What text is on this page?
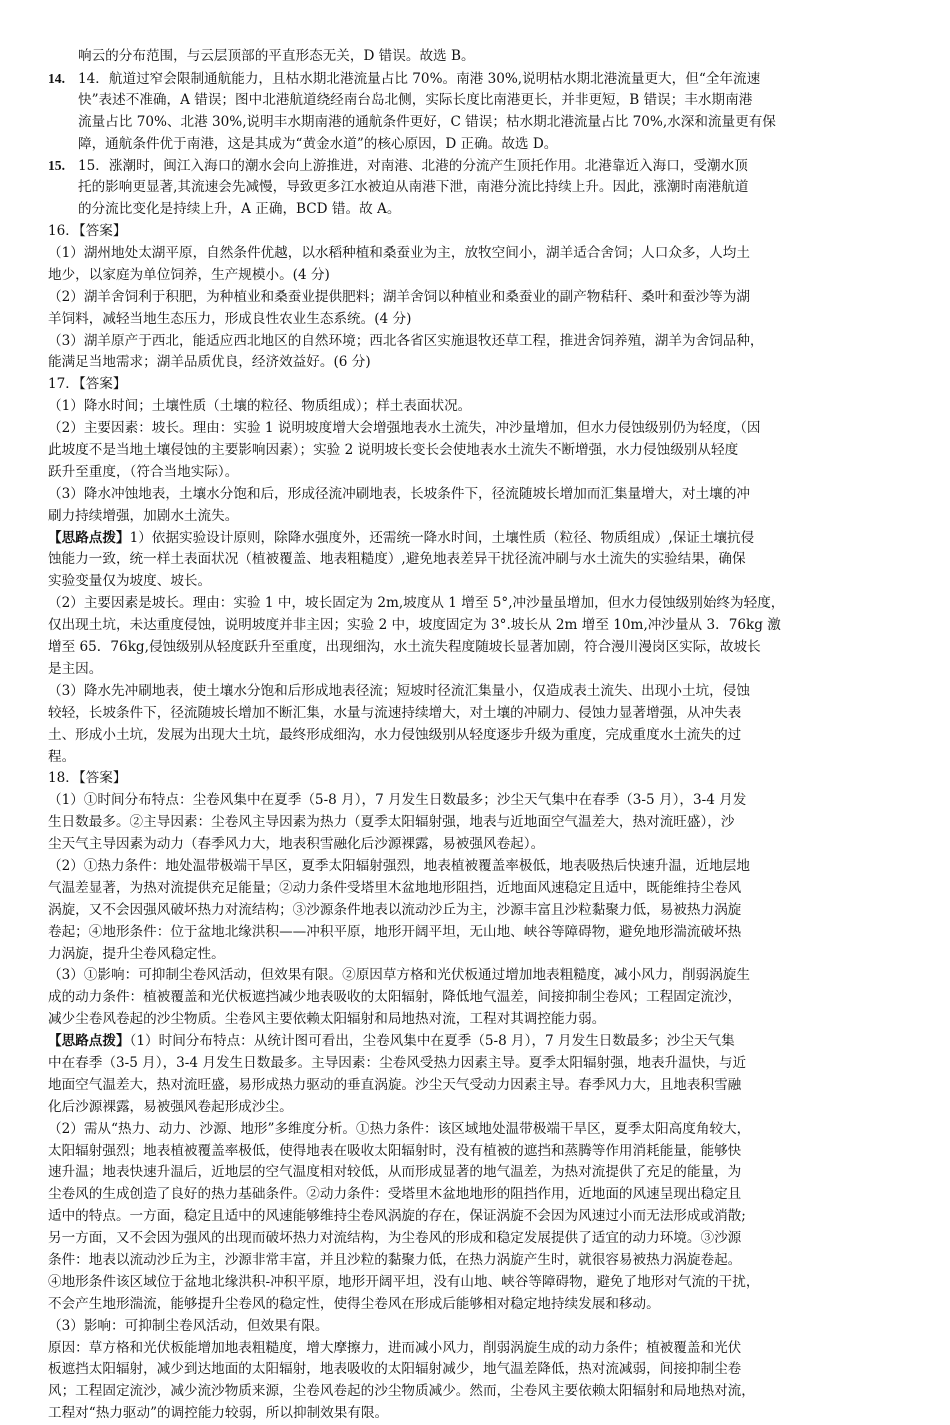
响云的分布范围，与云层顶部的平直形态无关，D 错误。故选 B。
14. 14．航道过窄会限制通航能力，且枯水期北港流量占比 70%。南港 30%,说明枯水期北港流量更大，但“全年流速
快”表述不准确，A 错误；图中北港航道绕经南台岛北侧，实际长度比南港更长，并非更短，B 错误；丰水期南港
流量占比 70%、北港 30%,说明丰水期南港的通航条件更好，C 错误；枯水期北港流量占比 70%,水深和流量更有保
障，通航条件优于南港，这是其成为“黄金水道”的核心原因，D 正确。故选 D。
15. 15．涨潮时，闽江入海口的潮水会向上游推进，对南港、北港的分流产生顶托作用。北港靠近入海口，受潮水顶
托的影响更显著,其流速会先减慢，导致更多江水被迫从南港下泄，南港分流比持续上升。因此，涨潮时南港航道
的分流比变化是持续上升，A 正确，BCD 错。故 A。
16．【答案】
（1）湖州地处太湖平原，自然条件优越，以水稻种植和桑蚕业为主，放牧空间小，湖羊适合舍饲；人口众多，人均土
地少，以家庭为单位饲养，生产规模小。(4 分)
（2）湖羊舍饲利于积肥，为种植业和桑蚕业提供肥料；湖羊舍饲以种植业和桑蚕业的副产物秸秆、桑叶和蚕沙等为湖
羊饲料，减轻当地生态压力，形成良性农业生态系统。(4 分)
（3）湖羊原产于西北，能适应西北地区的自然环境；西北各省区实施退牧还草工程，推进舍饲养殖，湖羊为舍饲品种，
能满足当地需求；湖羊品质优良，经济效益好。(6 分)
17．【答案】
（1）降水时间；土壤性质（土壤的粒径、物质组成）；样土表面状况。
（2）主要因素：坡长。理由：实验 1 说明坡度增大会增强地表水土流失，冲沙量增加，但水力侵蚀级别仍为轻度，（因
此坡度不是当地土壤侵蚀的主要影响因素）；实验 2 说明坡长变长会使地表水土流失不断增强，水力侵蚀级别从轻度
跃升至重度，（符合当地实际）。
（3）降水冲蚀地表，土壤水分饱和后，形成径流冲刷地表，长坡条件下，径流随坡长增加而汇集量增大，对土壤的冲
刷力持续增强，加剧水土流失。
【思路点拨】1）依据实验设计原则，除降水强度外，还需统一降水时间，土壤性质（粒径、物质组成）,保证土壤抗侵
蚀能力一致，统一样土表面状况（植被覆盖、地表粗糙度）,避免地表差异干扰径流冲刷与水土流失的实验结果，确保
实验变量仅为坡度、坡长。
（2）主要因素是坡长。理由：实验 1 中，坡长固定为 2m,坡度从 1 增至 5°,冲沙量虽增加，但水力侵蚀级别始终为轻度，
仅出现土坑，未达重度侵蚀，说明坡度并非主因；实验 2 中，坡度固定为 3°.坡长从 2m 增至 10m,冲沙量从 3．76kg 激
增至 65．76kg,侵蚀级别从轻度跃升至重度，出现细沟，水土流失程度随坡长显著加剧，符合漫川漫岗区实际，故坡长
是主因。
（3）降水先冲刷地表，使土壤水分饱和后形成地表径流；短坡时径流汇集量小，仅造成表土流失、出现小土坑，侵蚀
较轻，长坡条件下，径流随坡长增加不断汇集，水量与流速持续增大，对土壤的冲刷力、侵蚀力显著增强，从冲失表
土、形成小土坑，发展为出现大土坑，最终形成细沟，水力侵蚀级别从轻度逐步升级为重度，完成重度水土流失的过
程。
18．【答案】
（1）①时间分布特点：尘卷风集中在夏季（5-8 月），7 月发生日数最多；沙尘天气集中在春季（3-5 月），3-4 月发
生日数最多。②主导因素：尘卷风主导因素为热力（夏季太阳辐射强，地表与近地面空气温差大，热对流旺盛），沙
尘天气主导因素为动力（春季风力大，地表积雪融化后沙源裸露，易被强风卷起）。
（2）①热力条件：地处温带极端干旱区，夏季太阳辐射强烈，地表植被覆盖率极低，地表吸热后快速升温，近地层地
气温差显著，为热对流提供充足能量；②动力条件受塔里木盆地地形阻挡，近地面风速稳定且适中，既能维持尘卷风
涡旋，又不会因强风破坏热力对流结构；③沙源条件地表以流动沙丘为主，沙源丰富且沙粒黏聚力低，易被热力涡旋
卷起；④地形条件：位于盆地北缘洪积——冲积平原，地形开阔平坦，无山地、峡谷等障碍物，避免地形湍流破坏热
力涡旋，提升尘卷风稳定性。
（3）①影响：可抑制尘卷风活动，但效果有限。②原因草方格和光伏板通过增加地表粗糙度，减小风力，削弱涡旋生
成的动力条件：植被覆盖和光伏板遮挡减少地表吸收的太阳辐射，降低地气温差，间接抑制尘卷风；工程固定流沙，
减少尘卷风卷起的沙尘物质。尘卷风主要依赖太阳辐射和局地热对流，工程对其调控能力弱。
【思路点拨】（1）时间分布特点：从统计图可看出，尘卷风集中在夏季（5-8 月），7 月发生日数最多；沙尘天气集
中在春季（3-5 月），3-4 月发生日数最多。主导因素：尘卷风受热力因素主导。夏季太阳辐射强，地表升温快，与近
地面空气温差大，热对流旺盛，易形成热力驱动的垂直涡旋。沙尘天气受动力因素主导。春季风力大，且地表积雪融
化后沙源裸露，易被强风卷起形成沙尘。
（2）需从“热力、动力、沙源、地形”多维度分析。①热力条件：该区域地处温带极端干旱区，夏季太阳高度角较大，
太阳辐射强烈；地表植被覆盖率极低，使得地表在吸收太阳辐射时，没有植被的遮挡和蒸腾等作用消耗能量，能够快
速升温；地表快速升温后，近地层的空气温度相对较低，从而形成显著的地气温差，为热对流提供了充足的能量，为
尘卷风的生成创造了良好的热力基础条件。②动力条件：受塔里木盆地地形的阻挡作用，近地面的风速呈现出稳定且
适中的特点。一方面，稳定且适中的风速能够维持尘卷风涡旋的存在，保证涡旋不会因为风速过小而无法形成或消散;
另一方面，又不会因为强风的出现而破坏热力对流结构，为尘卷风的形成和稳定发展提供了适宜的动力环境。③沙源
条件：地表以流动沙丘为主，沙源非常丰富，并且沙粒的黏聚力低，在热力涡旋产生时，就很容易被热力涡旋卷起。
④地形条件该区域位于盆地北缘洪积-冲积平原，地形开阔平坦，没有山地、峡谷等障碍物，避免了地形对气流的干扰，
不会产生地形湍流，能够提升尘卷风的稳定性，使得尘卷风在形成后能够相对稳定地持续发展和移动。
（3）影响：可抑制尘卷风活动，但效果有限。
原因：草方格和光伏板能增加地表粗糙度，增大摩擦力，进而减小风力，削弱涡旋生成的动力条件；植被覆盖和光伏
板遮挡太阳辐射，减少到达地面的太阳辐射，地表吸收的太阳辐射减少，地气温差降低，热对流减弱，间接抑制尘卷
风；工程固定流沙，减少流沙物质来源，尘卷风卷起的沙尘物质减少。然而，尘卷风主要依赖太阳辐射和局地热对流，
工程对“热力驱动”的调控能力较弱，所以抑制效果有限。
